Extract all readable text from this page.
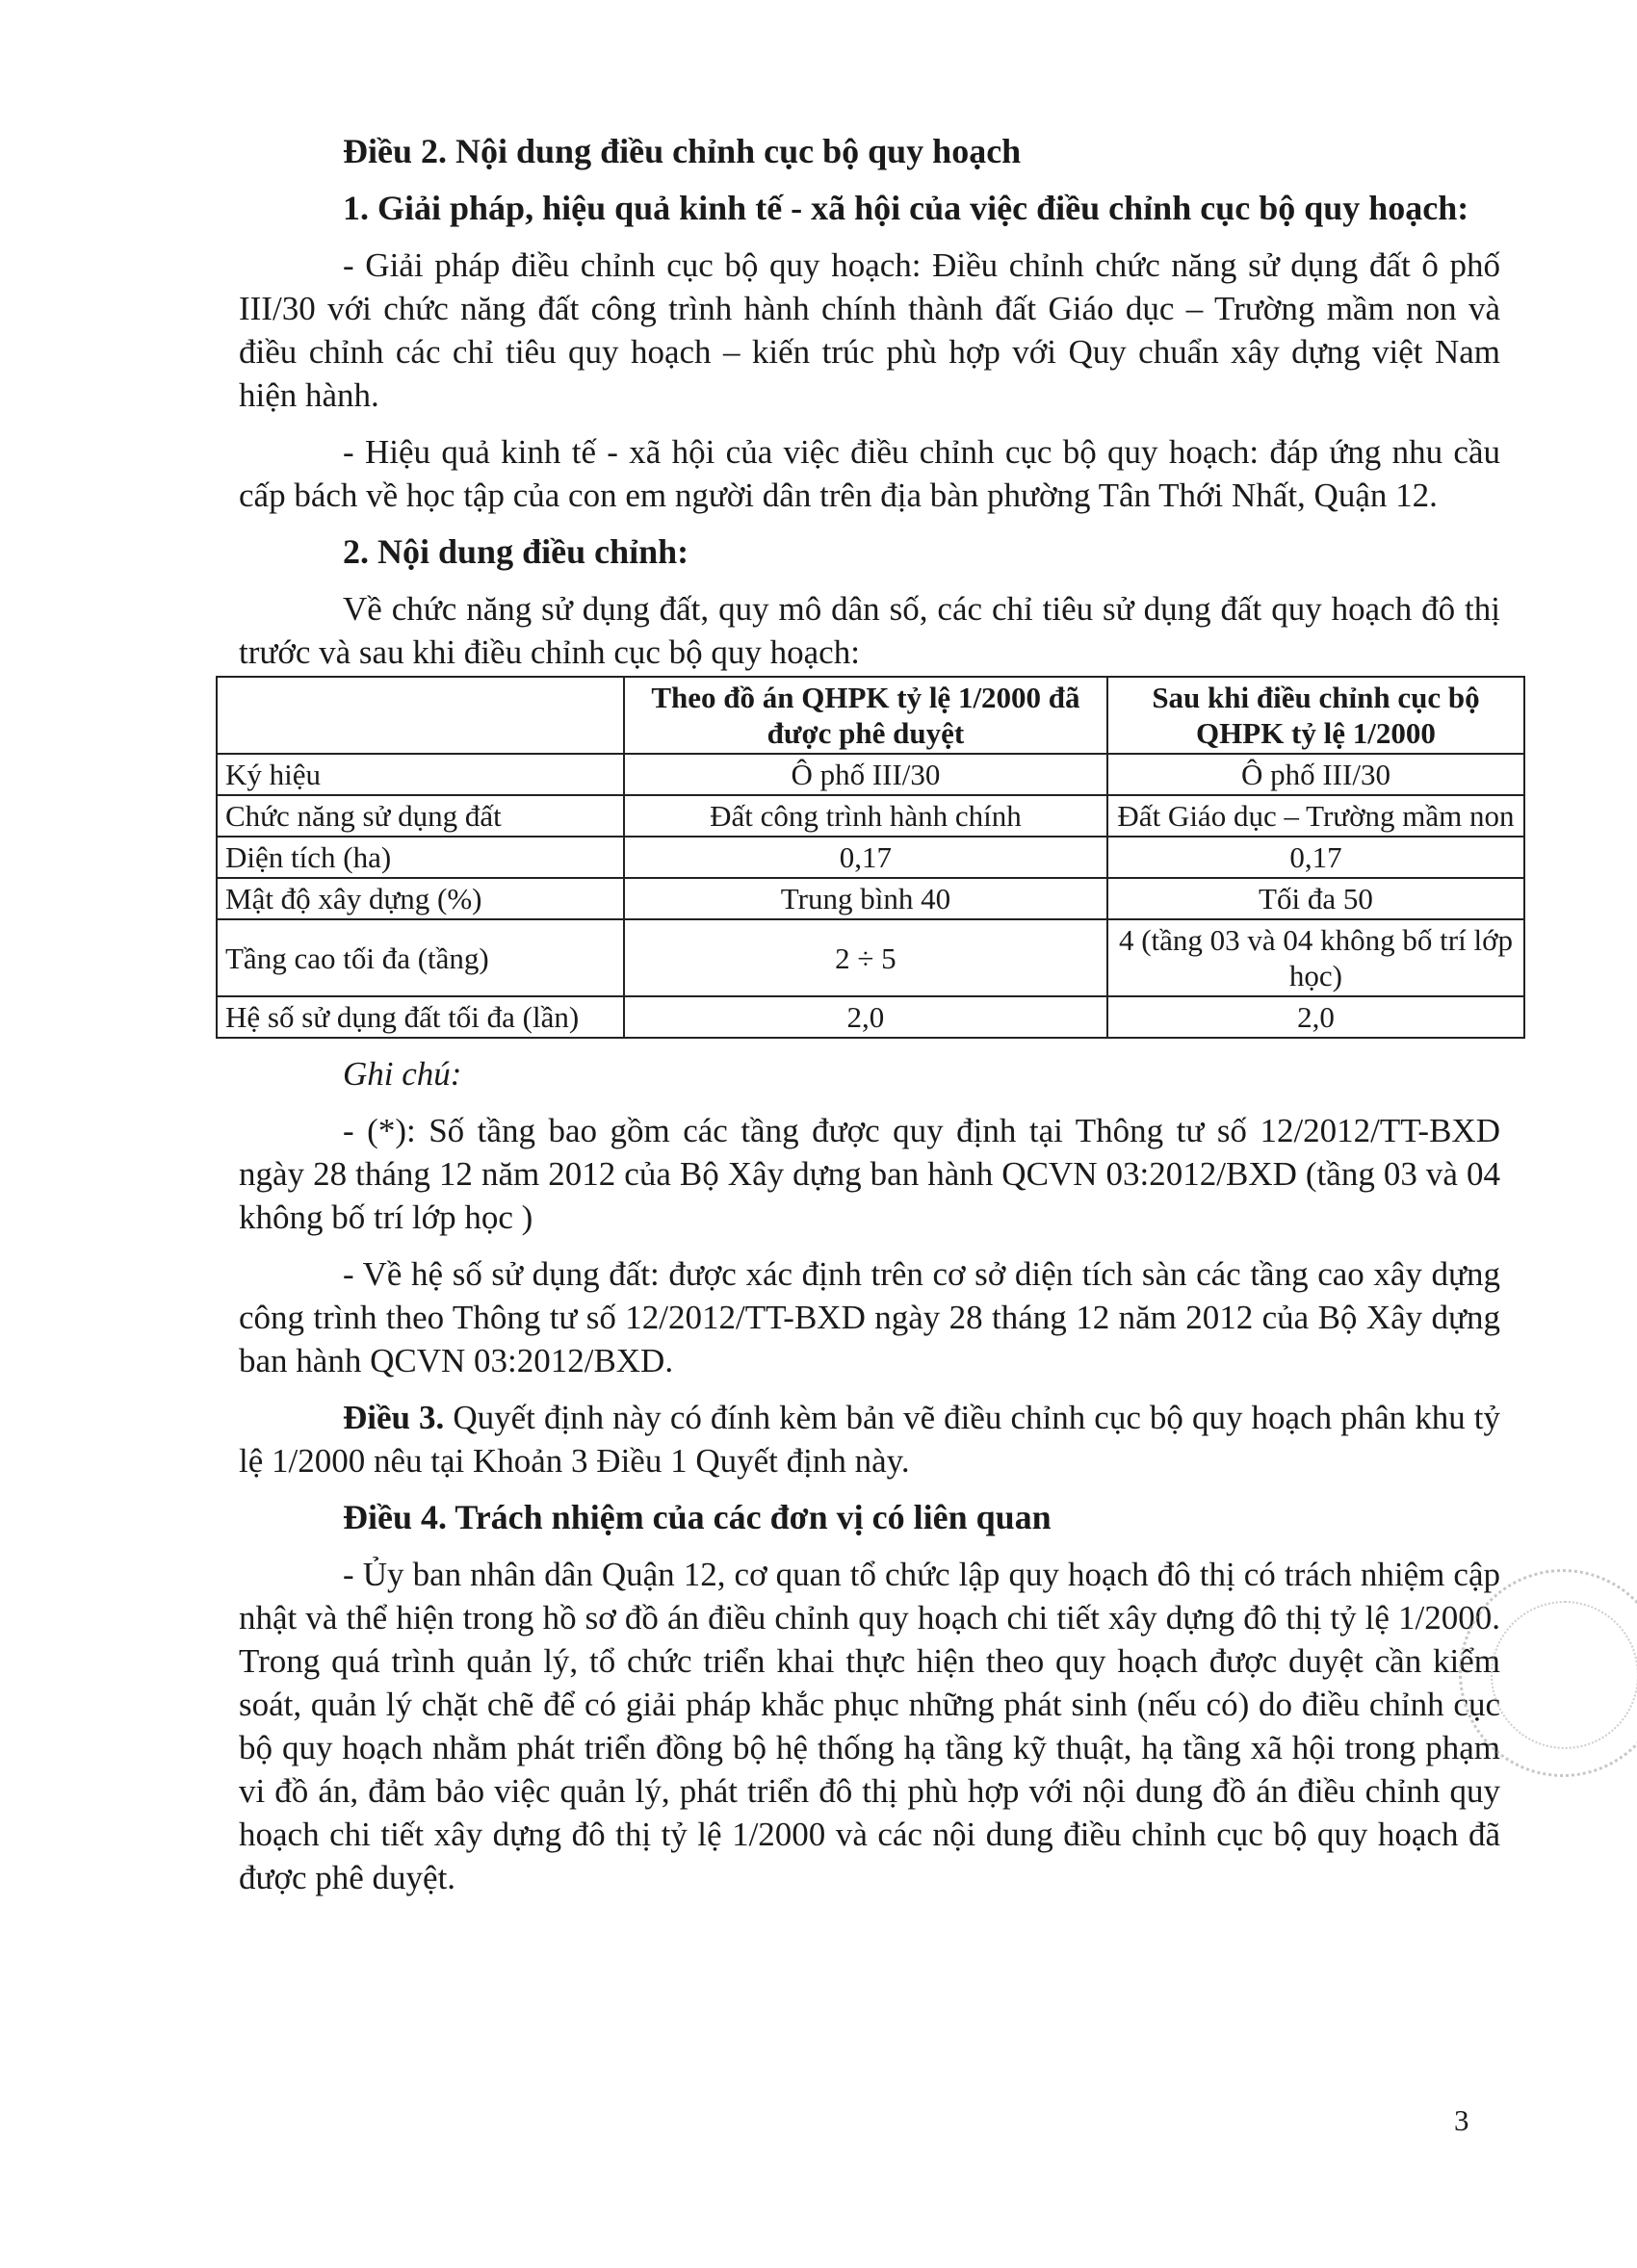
Điều 2. Nội dung điều chỉnh cục bộ quy hoạch

1. Giải pháp, hiệu quả kinh tế - xã hội của việc điều chỉnh cục bộ quy hoạch:

- Giải pháp điều chỉnh cục bộ quy hoạch: Điều chỉnh chức năng sử dụng đất ô phố III/30 với chức năng đất công trình hành chính thành đất Giáo dục – Trường mầm non và điều chỉnh các chỉ tiêu quy hoạch – kiến trúc phù hợp với Quy chuẩn xây dựng việt Nam hiện hành.

- Hiệu quả kinh tế - xã hội của việc điều chỉnh cục bộ quy hoạch: đáp ứng nhu cầu cấp bách về học tập của con em người dân trên địa bàn phường Tân Thới Nhất, Quận 12.

2. Nội dung điều chỉnh:

Về chức năng sử dụng đất, quy mô dân số, các chỉ tiêu sử dụng đất quy hoạch đô thị trước và sau khi điều chỉnh cục bộ quy hoạch:

	Theo đồ án QHPK tỷ lệ 1/2000 đã được phê duyệt	Sau khi điều chỉnh cục bộ QHPK tỷ lệ 1/2000
Ký hiệu	Ô phố III/30	Ô phố III/30
Chức năng sử dụng đất	Đất công trình hành chính	Đất Giáo dục – Trường mầm non
Diện tích (ha)	0,17	0,17
Mật độ xây dựng (%)	Trung bình 40	Tối đa 50
Tầng cao tối đa (tầng)	2 ÷ 5	4 (tầng 03 và 04 không bố trí lớp học)
Hệ số sử dụng đất tối đa (lần)	2,0	2,0

Ghi chú:

- (*): Số tầng bao gồm các tầng được quy định tại Thông tư số 12/2012/TT-BXD ngày 28 tháng 12 năm 2012 của Bộ Xây dựng ban hành QCVN 03:2012/BXD (tầng 03 và 04 không bố trí lớp học )

- Về hệ số sử dụng đất: được xác định trên cơ sở diện tích sàn các tầng cao xây dựng công trình theo Thông tư số 12/2012/TT-BXD ngày 28 tháng 12 năm 2012 của Bộ Xây dựng ban hành QCVN 03:2012/BXD.

Điều 3. Quyết định này có đính kèm bản vẽ điều chỉnh cục bộ quy hoạch phân khu tỷ lệ 1/2000 nêu tại Khoản 3 Điều 1 Quyết định này.

Điều 4. Trách nhiệm của các đơn vị có liên quan

- Ủy ban nhân dân Quận 12, cơ quan tổ chức lập quy hoạch đô thị có trách nhiệm cập nhật và thể hiện trong hồ sơ đồ án điều chỉnh quy hoạch chi tiết xây dựng đô thị tỷ lệ 1/2000. Trong quá trình quản lý, tổ chức triển khai thực hiện theo quy hoạch được duyệt cần kiểm soát, quản lý chặt chẽ để có giải pháp khắc phục những phát sinh (nếu có) do điều chỉnh cục bộ quy hoạch nhằm phát triển đồng bộ hệ thống hạ tầng kỹ thuật, hạ tầng xã hội trong phạm vi đồ án, đảm bảo việc quản lý, phát triển đô thị phù hợp với nội dung đồ án điều chỉnh quy hoạch chi tiết xây dựng đô thị tỷ lệ 1/2000 và các nội dung điều chỉnh cục bộ quy hoạch đã được phê duyệt.

3
